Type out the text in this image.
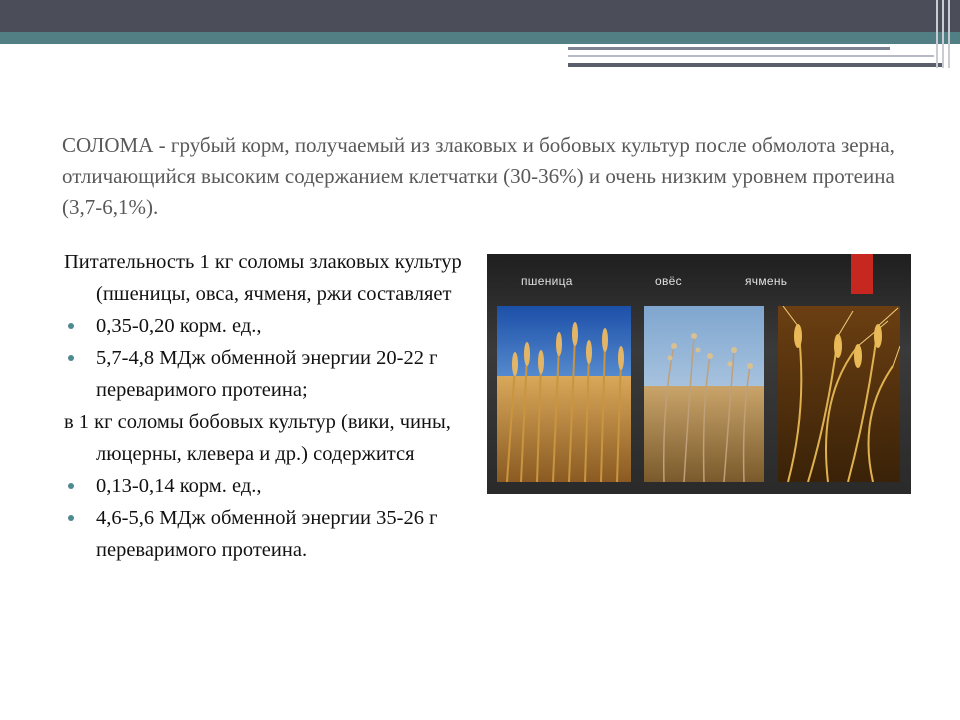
СОЛОМА - грубый корм, получаемый из злаковых и бобовых культур после обмолота зерна, отличающийся высоким содержанием клетчатки (30-36%) и очень низким уровнем протеина (3,7-6,1%).

Питательность 1 кг соломы злаковых культур (пшеницы, овса, ячменя, ржи составляет
0,35-0,20 корм. ед.,
5,7-4,8 МДж обменной энергии 20-22 г переваримого протеина;
в 1 кг соломы бобовых культур (вики, чины, люцерны, клевера и др.) содержится
0,13-0,14 корм. ед.,
4,6-5,6 МДж обменной энергии 35-26 г переваримого протеина.
пшеница	овёс	ячмень
